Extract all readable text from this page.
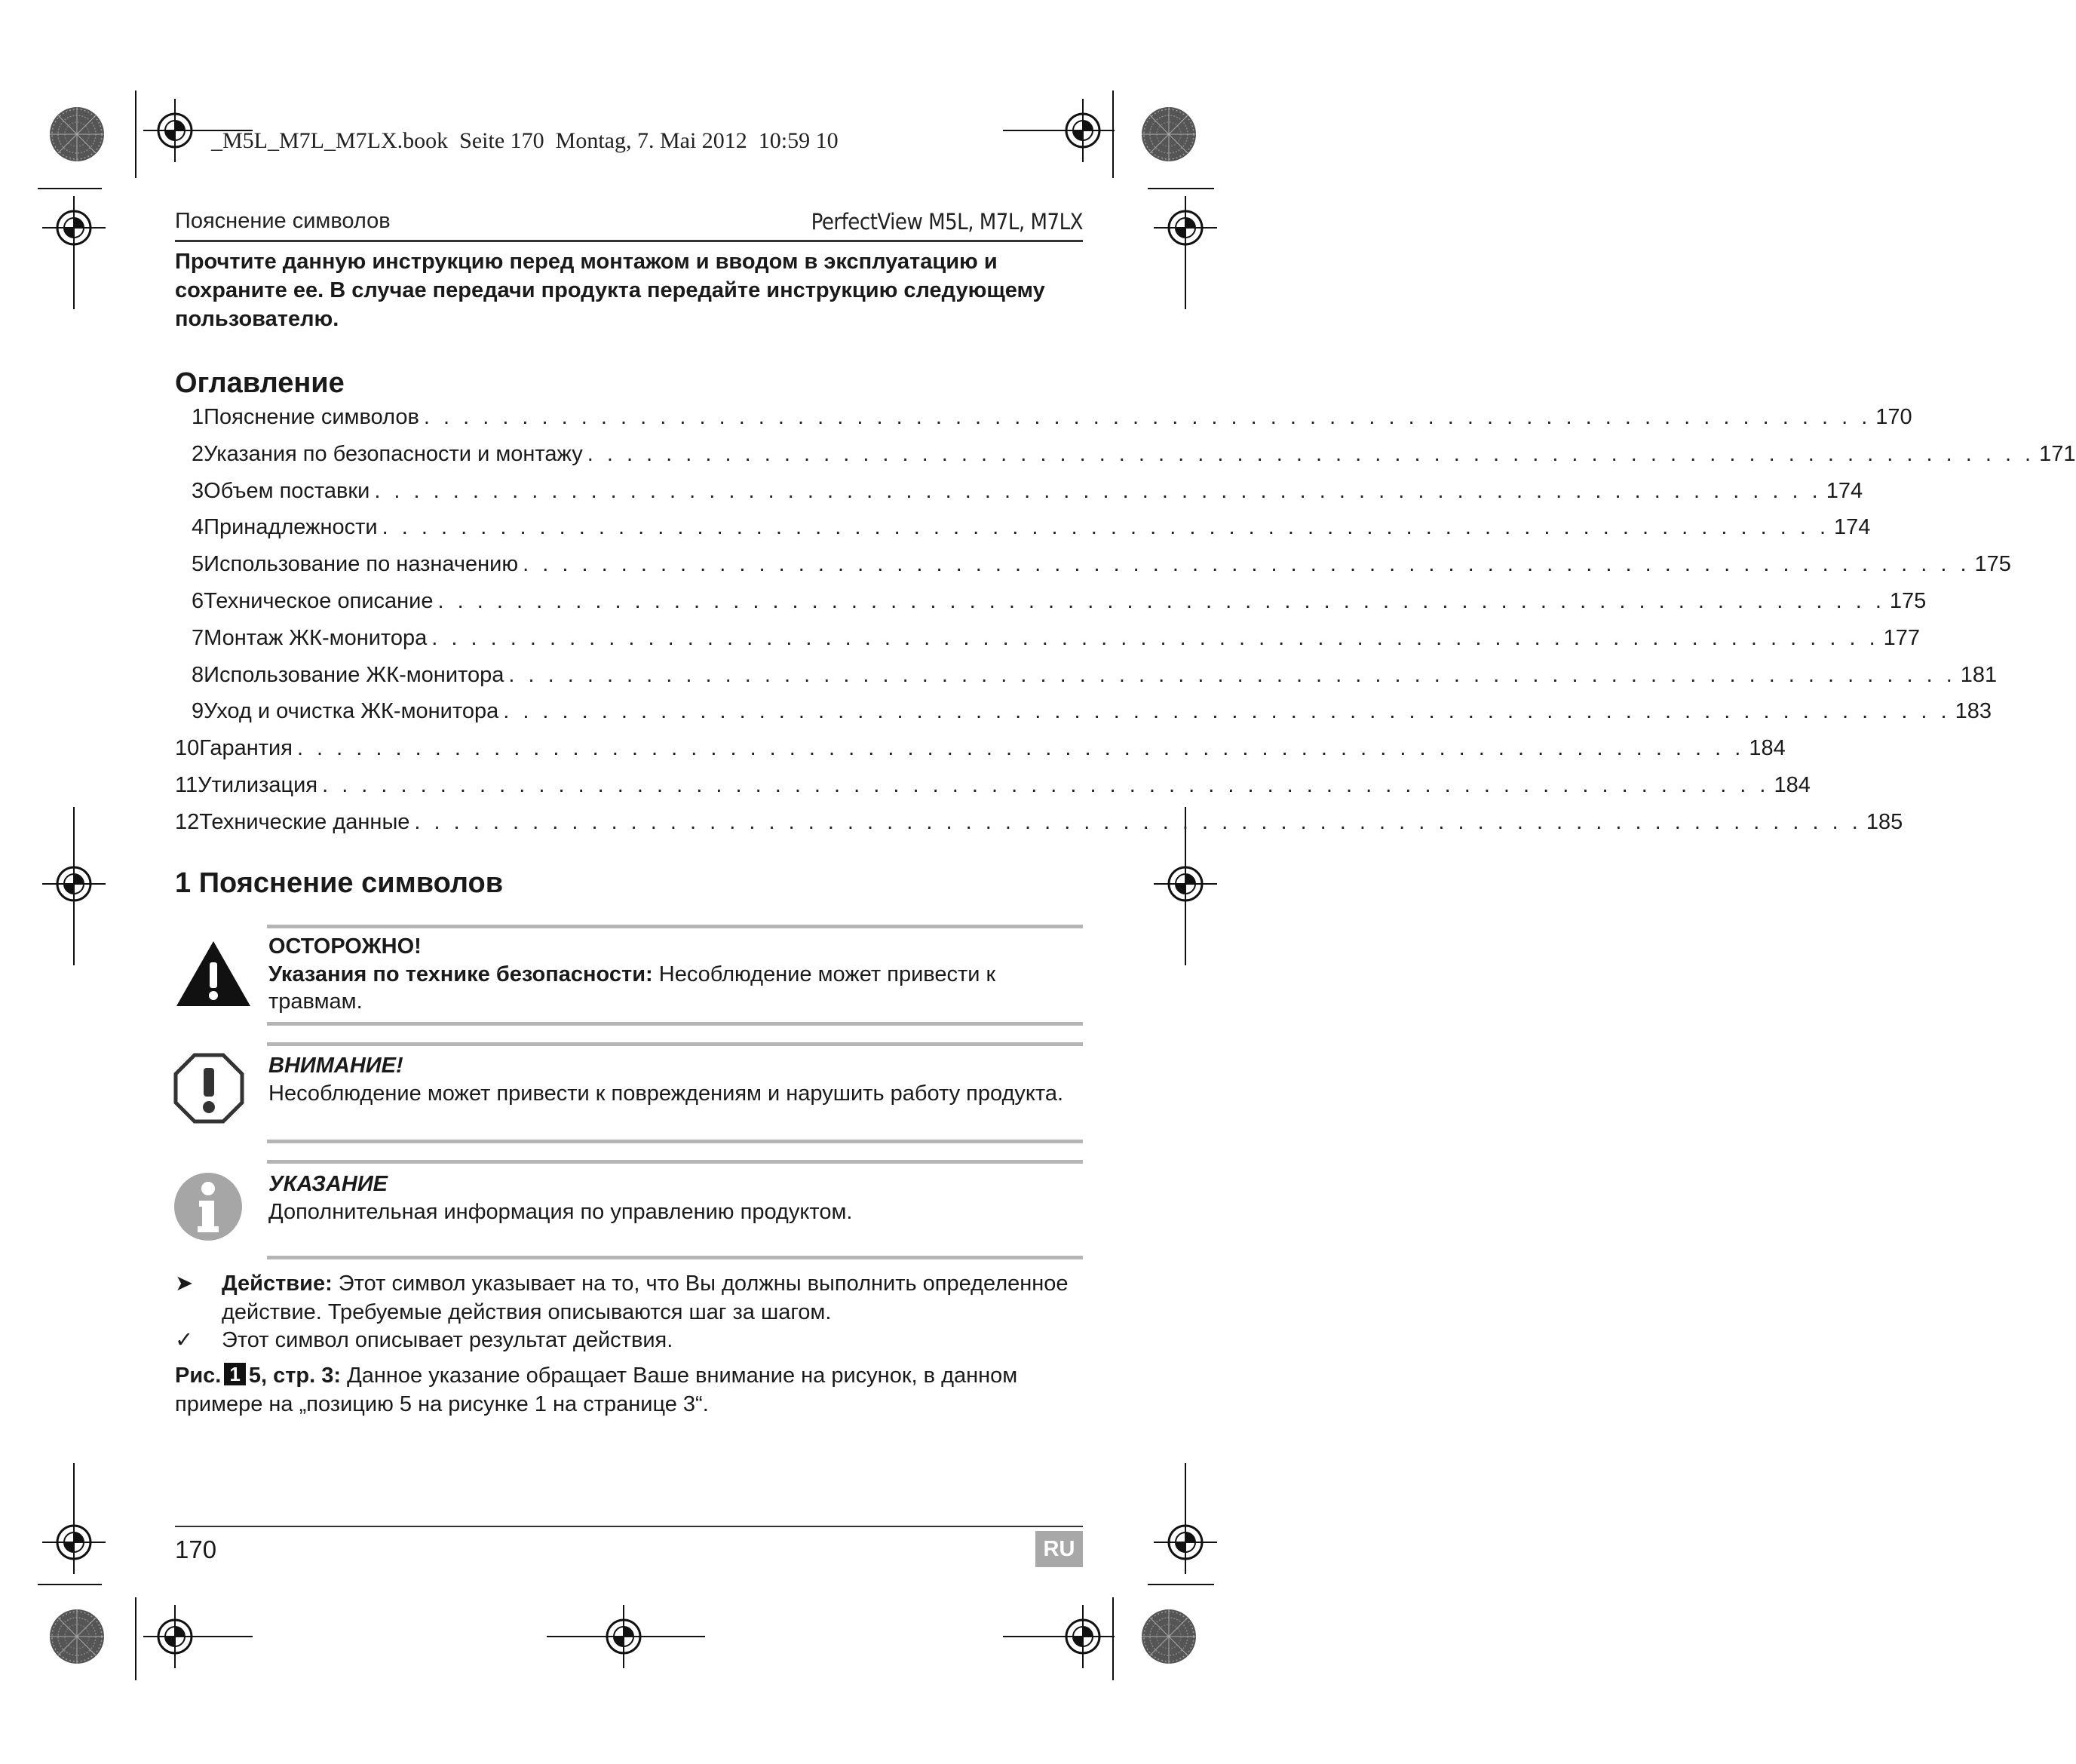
_M5L_M7L_M7LX.book  Seite 170  Montag, 7. Mai 2012  10:59 10
Пояснение символов	PerfectView M5L, M7L, M7LX
Прочтите данную инструкцию перед монтажом и вводом в эксплуатацию и сохраните ее. В случае передачи продукта передайте инструкцию следующему пользователю.
Оглавление
1 Пояснение символов . . . . . . . . . . . . . . . . . . . . . . . . . . . . . . . . . . . . . . . . . . . . . . . . . . . . . . . . . . . . . . . . . . . . . . . . . . 170
2 Указания по безопасности и монтажу . . . . . . . . . . . . . . . . . . . . . . . . . . . . . . . . . . . . . . . . . . . . . . . . . . . . . . . . . . . . . . . . . . . . . . . . . . 171
3 Объем поставки . . . . . . . . . . . . . . . . . . . . . . . . . . . . . . . . . . . . . . . . . . . . . . . . . . . . . . . . . . . . . . . . . . . . . . . . . . 174
4 Принадлежности . . . . . . . . . . . . . . . . . . . . . . . . . . . . . . . . . . . . . . . . . . . . . . . . . . . . . . . . . . . . . . . . . . . . . . . . . . 174
5 Использование по назначению . . . . . . . . . . . . . . . . . . . . . . . . . . . . . . . . . . . . . . . . . . . . . . . . . . . . . . . . . . . . . . . . . . . . . . . . . . 175
6 Техническое описание . . . . . . . . . . . . . . . . . . . . . . . . . . . . . . . . . . . . . . . . . . . . . . . . . . . . . . . . . . . . . . . . . . . . . . . . . . 175
7 Монтаж ЖК-монитора . . . . . . . . . . . . . . . . . . . . . . . . . . . . . . . . . . . . . . . . . . . . . . . . . . . . . . . . . . . . . . . . . . . . . . . . . . 177
8 Использование ЖК-монитора . . . . . . . . . . . . . . . . . . . . . . . . . . . . . . . . . . . . . . . . . . . . . . . . . . . . . . . . . . . . . . . . . . . . . . . . . . 181
9 Уход и очистка ЖК-монитора . . . . . . . . . . . . . . . . . . . . . . . . . . . . . . . . . . . . . . . . . . . . . . . . . . . . . . . . . . . . . . . . . . . . . . . . . . 183
10 Гарантия . . . . . . . . . . . . . . . . . . . . . . . . . . . . . . . . . . . . . . . . . . . . . . . . . . . . . . . . . . . . . . . . . . . . . . . . . . 184
11 Утилизация . . . . . . . . . . . . . . . . . . . . . . . . . . . . . . . . . . . . . . . . . . . . . . . . . . . . . . . . . . . . . . . . . . . . . . . . . . 184
12 Технические данные . . . . . . . . . . . . . . . . . . . . . . . . . . . . . . . . . . . . . . . . . . . . . . . . . . . . . . . . . . . . . . . . . . . . . . . . . . 185
1 Пояснение символов
ОСТОРОЖНО!
Указания по технике безопасности: Несоблюдение может привести к травмам.
ВНИМАНИЕ!
Несоблюдение может привести к повреждениям и нарушить работу продукта.
УКАЗАНИЕ
Дополнительная информация по управлению продуктом.
➤ Действие: Этот символ указывает на то, что Вы должны выполнить определенное действие. Требуемые действия описываются шаг за шагом.
✓ Этот символ описывает результат действия.
Рис. 1 5, стр. 3: Данное указание обращает Ваше внимание на рисунок, в данном примере на „позицию 5 на рисунке 1 на странице 3“.
170	RU
